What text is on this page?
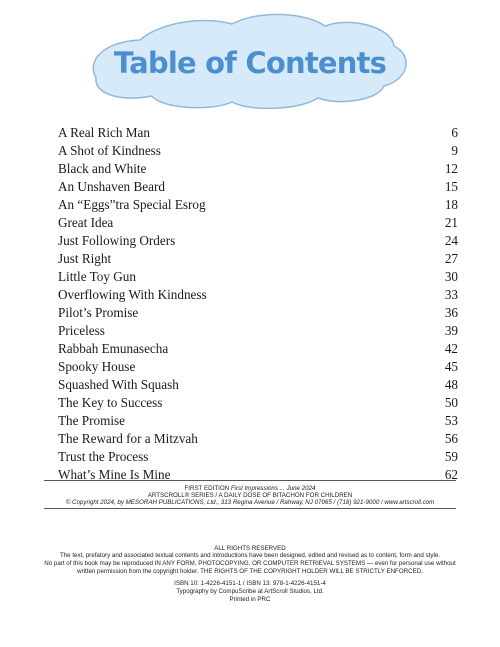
Table of Contents
A Real Rich Man	6
A Shot of Kindness	9
Black and White	12
An Unshaven Beard	15
An “Eggs”tra Special Esrog	18
Great Idea	21
Just Following Orders	24
Just Right	27
Little Toy Gun	30
Overflowing With Kindness	33
Pilot’s Promise	36
Priceless	39
Rabbah Emunasecha	42
Spooky House	45
Squashed With Squash	48
The Key to Success	50
The Promise	53
The Reward for a Mitzvah	56
Trust the Process	59
What’s Mine Is Mine	62
FIRST EDITION First Impressions ... June 2024
ARTSCROLL® SERIES / A DAILY DOSE OF BITACHON FOR CHILDREN
© Copyright 2024, by MESORAH PUBLICATIONS, Ltd., 313 Regina Avenue / Rahway, NJ 07065 / (718) 921-9000 / www.artscroll.com
ALL RIGHTS RESERVED
The text, prefatory and associated textual contents and introductions have been designed, edited and revised as to content, form and style.
No part of this book may be reproduced IN ANY FORM, PHOTOCOPYING, OR COMPUTER RETRIEVAL SYSTEMS — even for personal use without
written permission from the copyright holder. THE RIGHTS OF THE COPYRIGHT HOLDER WILL BE STRICTLY ENFORCED.
ISBN 10: 1-4226-4151-1 / ISBN 13: 978-1-4226-4151-4
Typography by CompuScribe at ArtScroll Studios, Ltd.
Printed in PRC
